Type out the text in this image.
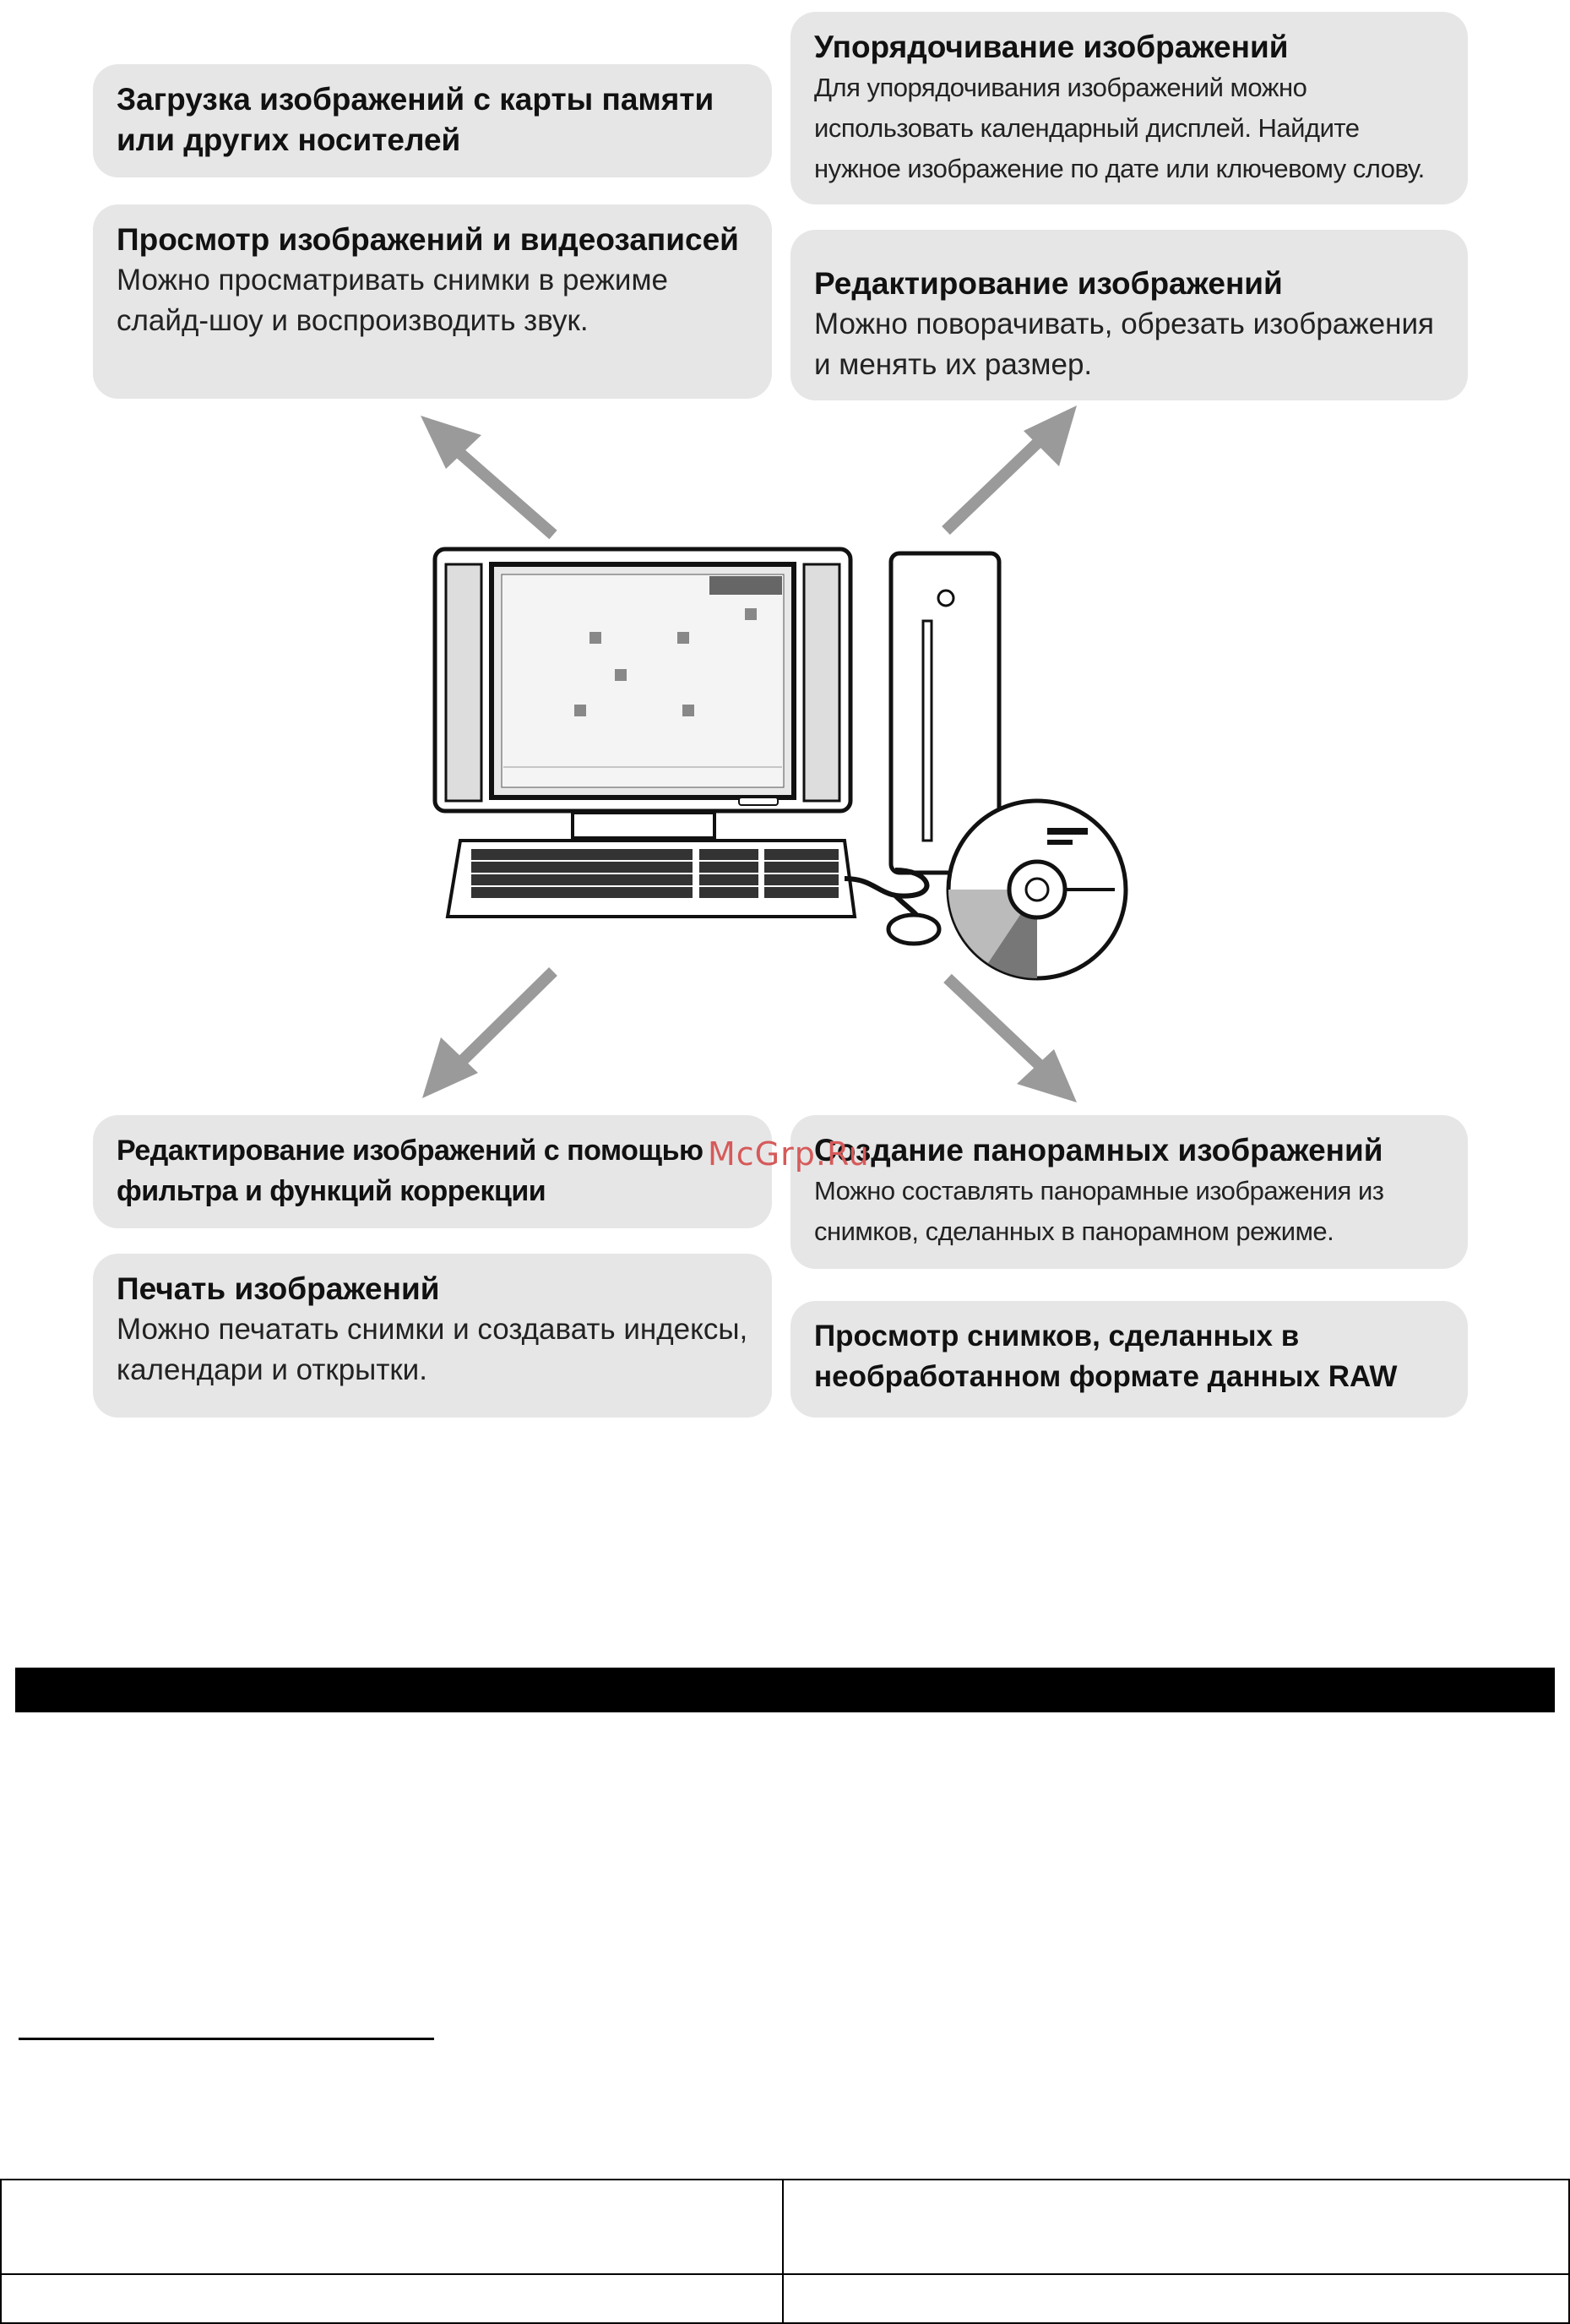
Загрузка изображений с карты памяти или других носителей

Просмотр изображений и видеозаписей

Можно просматривать снимки в режиме слайд-шоу и воспроизводить звук.

Упорядочивание изображений

Для упорядочивания изображений можно использовать календарный дисплей. Найдите нужное изображение по дате или ключевому слову.

Редактирование изображений

Можно поворачивать, обрезать изображения и менять их размер.

Редактирование изображений с помощью фильтра и функций коррекции

Печать изображений

Можно печатать снимки и создавать индексы, календари и открытки.

Создание панорамных изображений

Можно составлять панорамные изображения из снимков, сделанных в панорамном режиме.

Просмотр снимков, сделанных в необработанном формате данных RAW

McGrp.Ru
